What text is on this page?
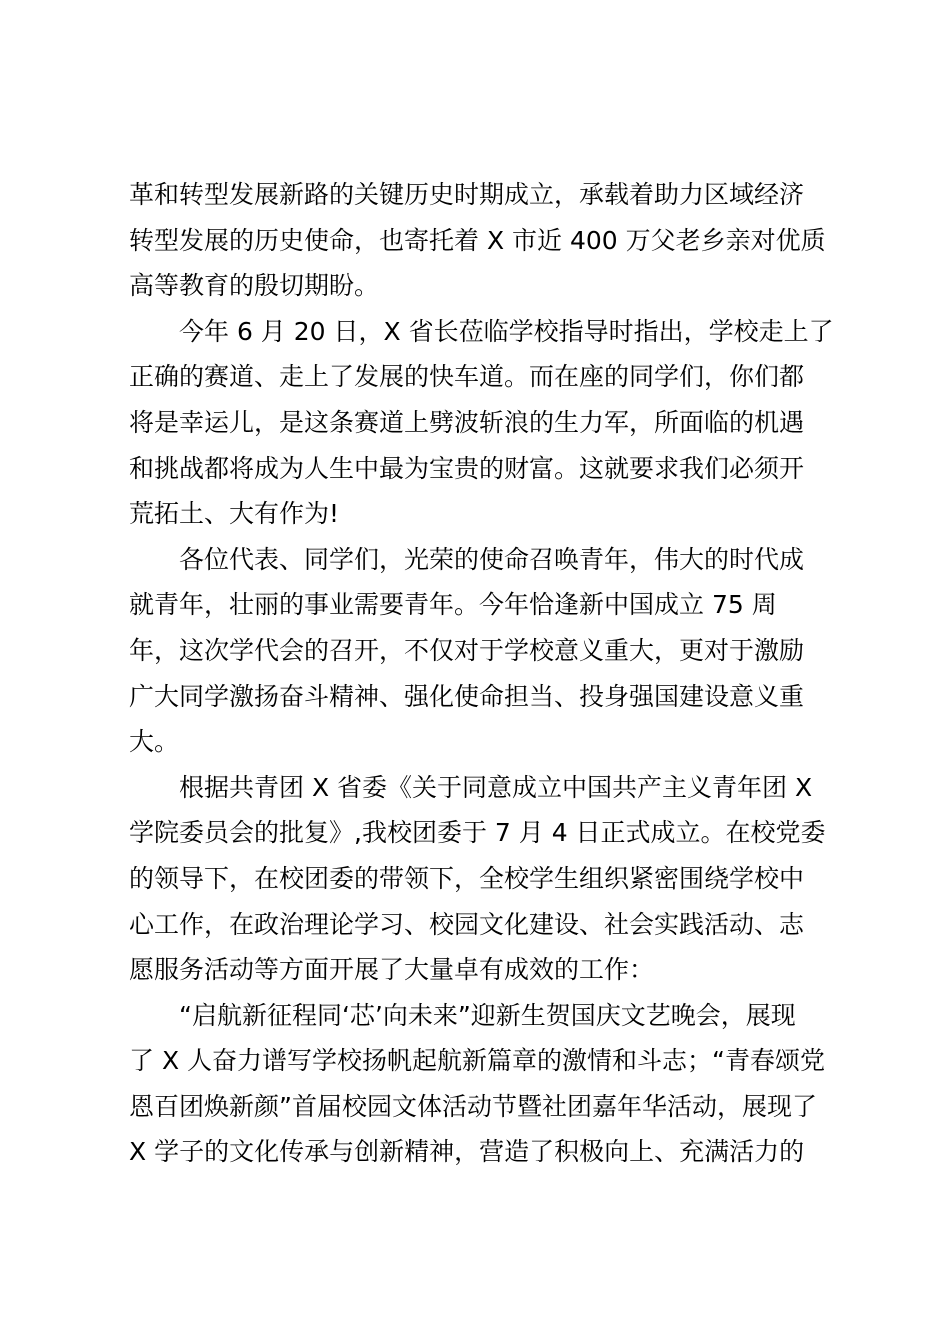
革和转型发展新路的关键历史时期成立，承载着助力区域经济
转型发展的历史使命，也寄托着 X 市近 400 万父老乡亲对优质
高等教育的殷切期盼。
今年 6 月 20 日，X 省长莅临学校指导时指出，学校走上了
正确的赛道、走上了发展的快车道。而在座的同学们，你们都
将是幸运儿，是这条赛道上劈波斩浪的生力军，所面临的机遇
和挑战都将成为人生中最为宝贵的财富。这就要求我们必须开
荒拓土、大有作为!
各位代表、同学们，光荣的使命召唤青年，伟大的时代成
就青年，壮丽的事业需要青年。今年恰逢新中国成立 75 周
年，这次学代会的召开，不仅对于学校意义重大，更对于激励
广大同学激扬奋斗精神、强化使命担当、投身强国建设意义重
大。
根据共青团 X 省委《关于同意成立中国共产主义青年团 X
学院委员会的批复》,我校团委于 7 月 4 日正式成立。在校党委
的领导下，在校团委的带领下，全校学生组织紧密围绕学校中
心工作，在政治理论学习、校园文化建设、社会实践活动、志
愿服务活动等方面开展了大量卓有成效的工作：
“启航新征程同‘芯’向未来”迎新生贺国庆文艺晚会，展现
了 X 人奋力谱写学校扬帆起航新篇章的激情和斗志；“青春颂党
恩百团焕新颜”首届校园文体活动节暨社团嘉年华活动，展现了
X 学子的文化传承与创新精神，营造了积极向上、充满活力的
